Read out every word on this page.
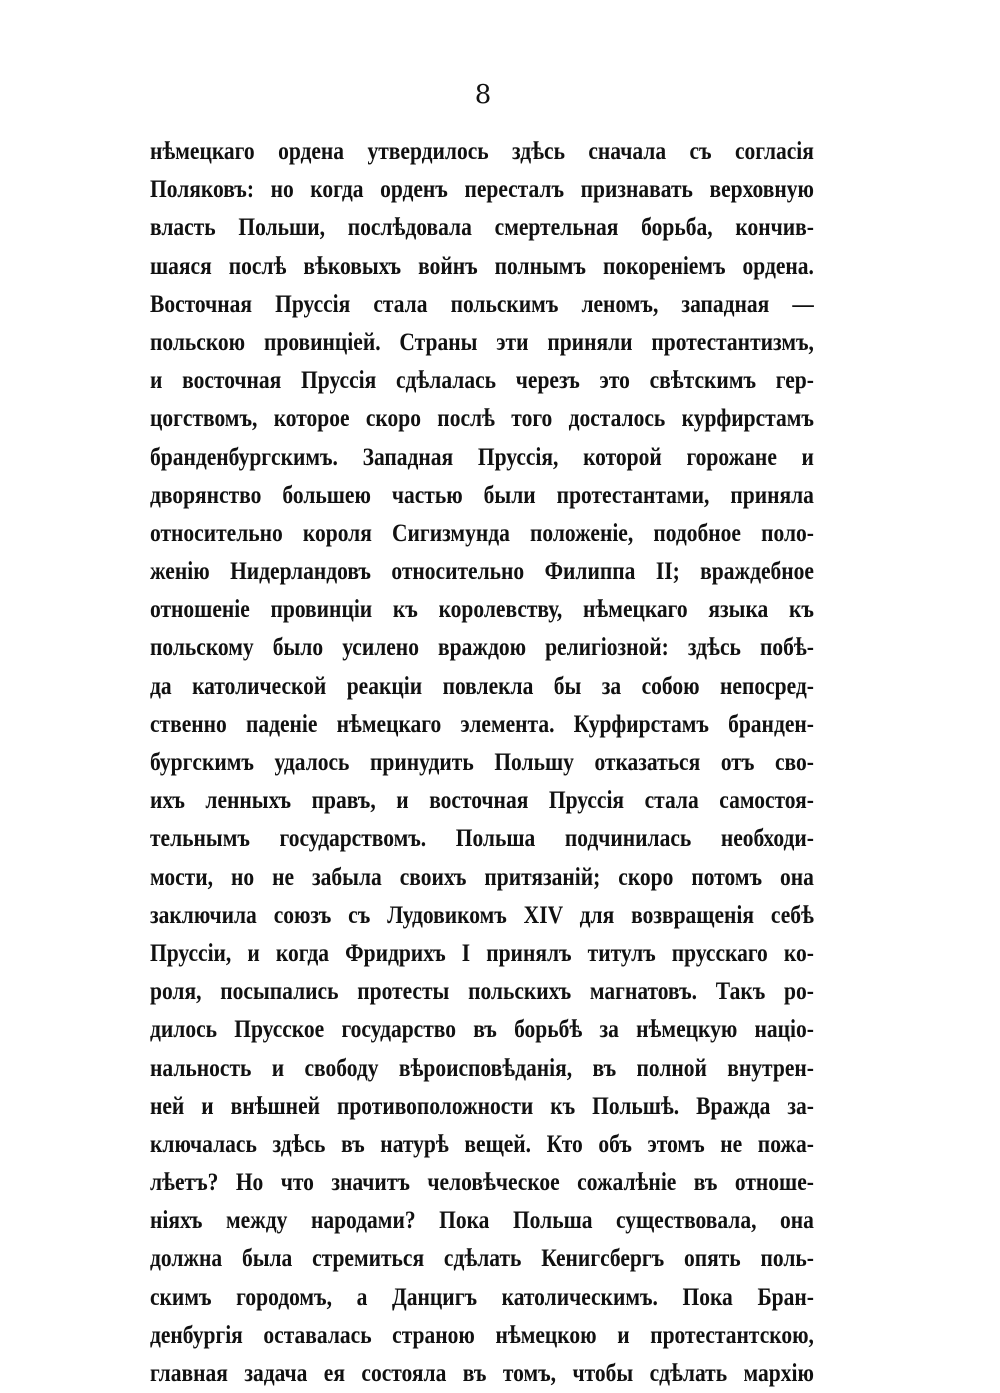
8
нѣмецкаго ордена утвердилось здѣсь сначала съ согласія
Поляковъ: но когда орденъ пересталъ признавать верховную
власть Польши, послѣдовала смертельная борьба, кончив-
шаяся послѣ вѣковыхъ войнъ полнымъ покореніемъ ордена.
Восточная Пруссія стала польскимъ леномъ, западная —
польскою провинціей. Страны эти приняли протестантизмъ,
и восточная Пруссія сдѣлалась черезъ это свѣтскимъ гер-
цогствомъ, которое скоро послѣ того досталось курфирстамъ
бранденбургскимъ. Западная Пруссія, которой горожане и
дворянство большею частью были протестантами, приняла
относительно короля Сигизмунда положеніе, подобное поло-
женію Нидерландовъ относительно Филиппа II; враждебное
отношеніе провинціи къ королевству, нѣмецкаго языка къ
польскому было усилено враждою религіозной: здѣсь побѣ-
да католической реакціи повлекла бы за собою непосред-
ственно паденіе нѣмецкаго элемента. Курфирстамъ бранден-
бургскимъ удалось принудить Польшу отказаться отъ сво-
ихъ ленныхъ правъ, и восточная Пруссія стала самостоя-
тельнымъ государствомъ. Польша подчинилась необходи-
мости, но не забыла своихъ притязаній; скоро потомъ она
заключила союзъ съ Лудовикомъ XIV для возвращенія себѣ
Пруссіи, и когда Фридрихъ I принялъ титулъ прусскаго ко-
роля, посыпались протесты польскихъ магнатовъ. Такъ ро-
дилось Прусское государство въ борьбѣ за нѣмецкую націо-
нальность и свободу вѣроисповѣданія, въ полной внутрен-
ней и внѣшней противоположности къ Польшѣ. Вражда за-
ключалась здѣсь въ натурѣ вещей. Кто объ этомъ не пожа-
лѣетъ? Но что значитъ человѣческое сожалѣніе въ отноше-
ніяхъ между народами? Пока Польша существовала, она
должна была стремиться сдѣлать Кенигсбергъ опять поль-
скимъ городомъ, а Данцигъ католическимъ. Пока Бран-
денбургія оставалась страною нѣмецкою и протестантскою,
главная задача ея состояла въ томъ, чтобы сдѣлать мархію
